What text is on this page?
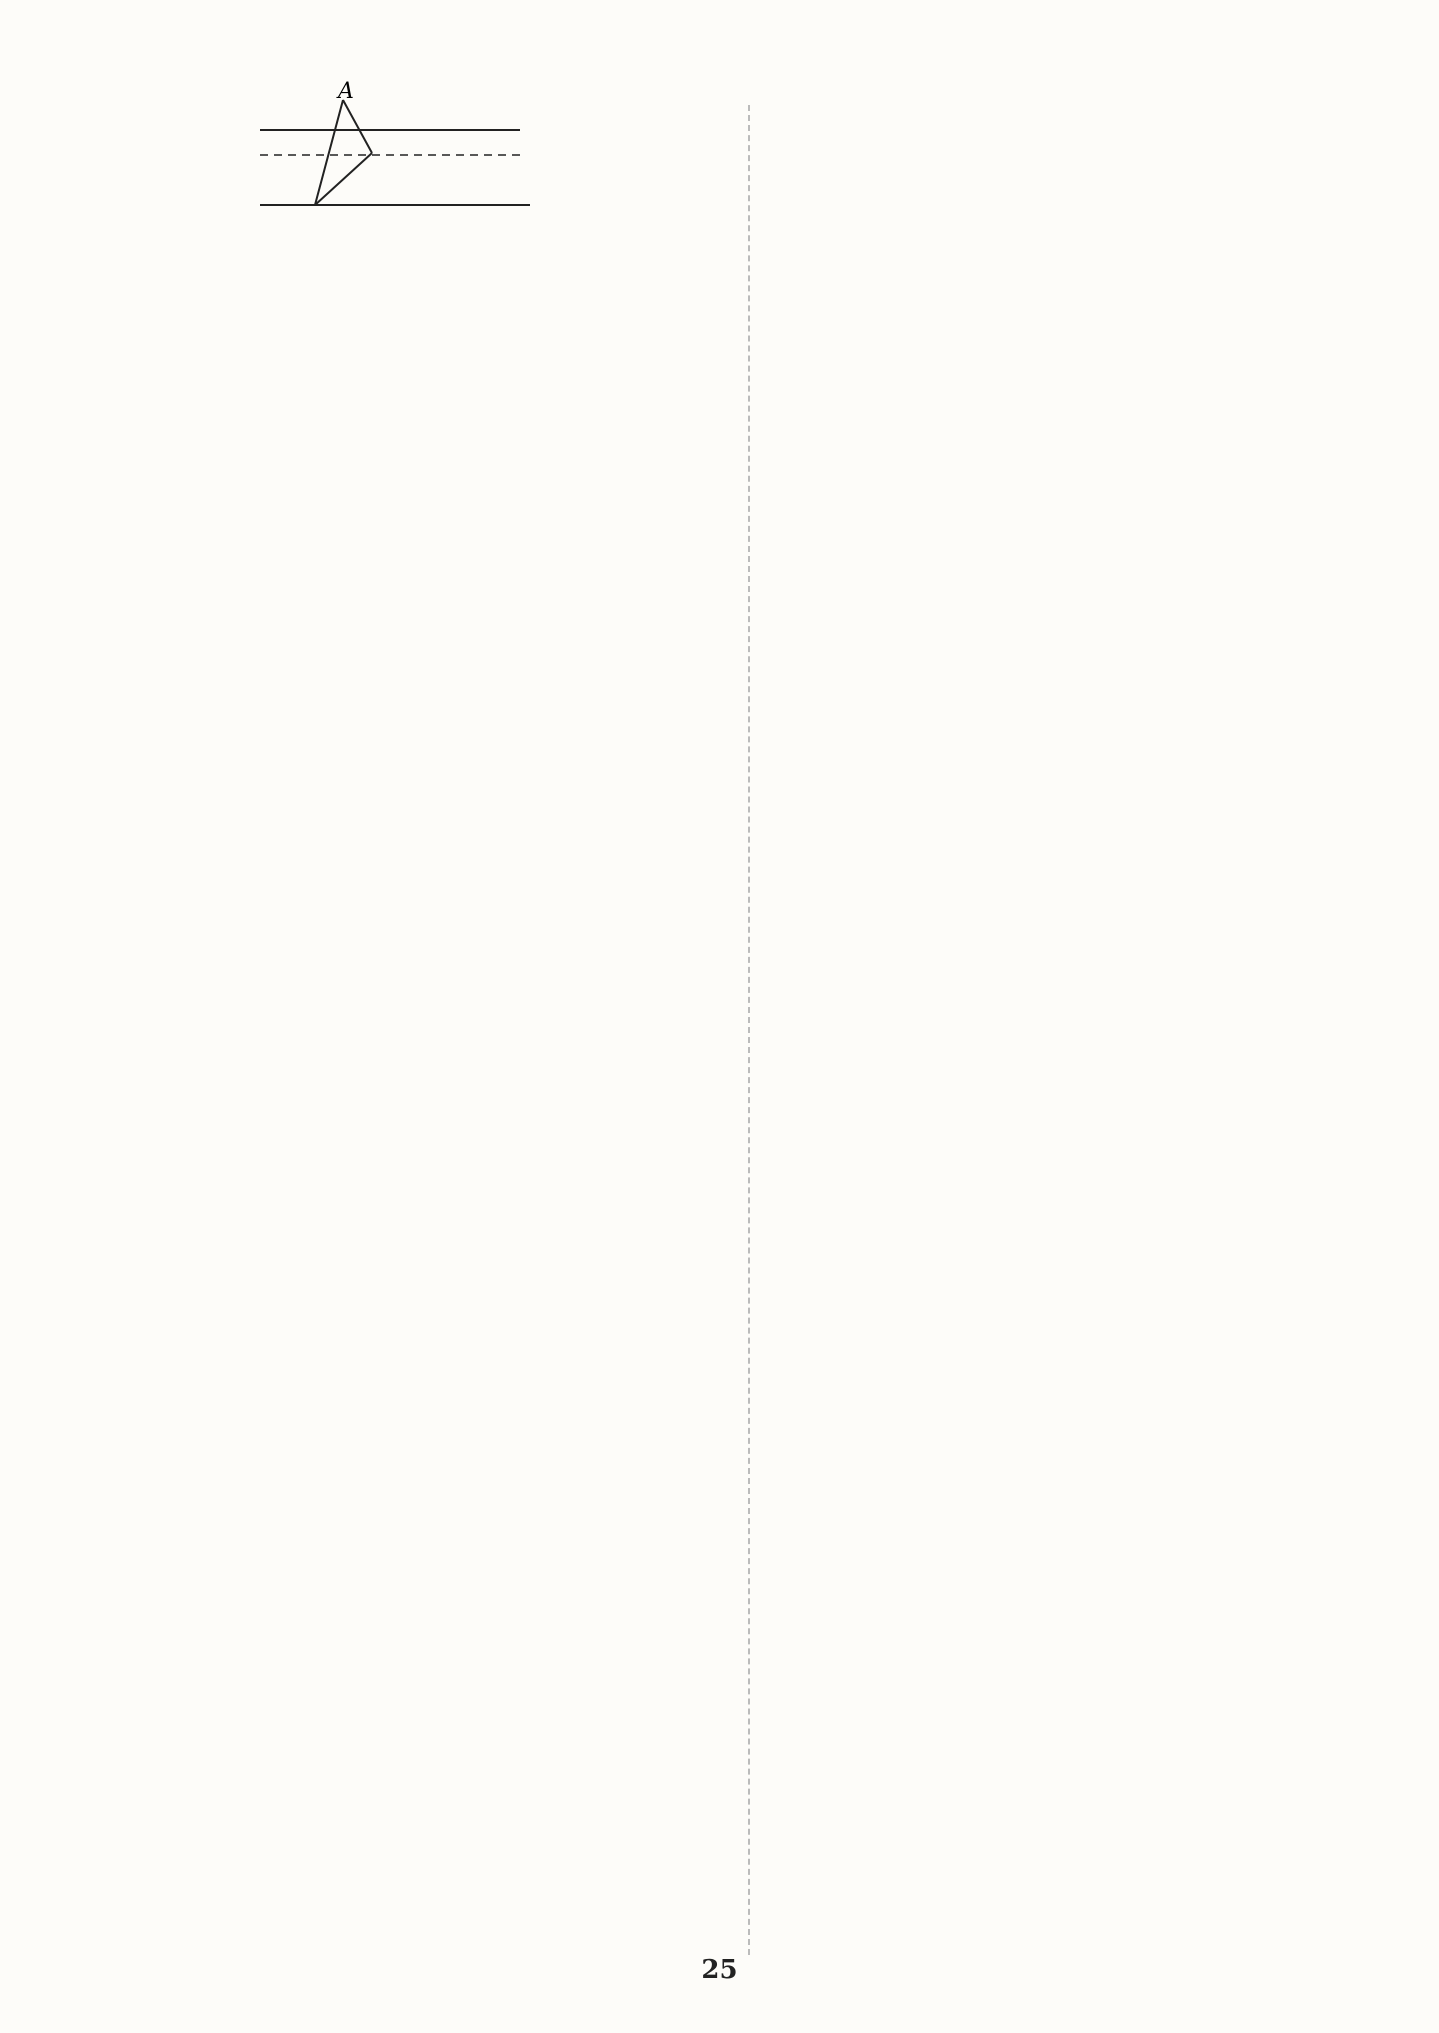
A
25
